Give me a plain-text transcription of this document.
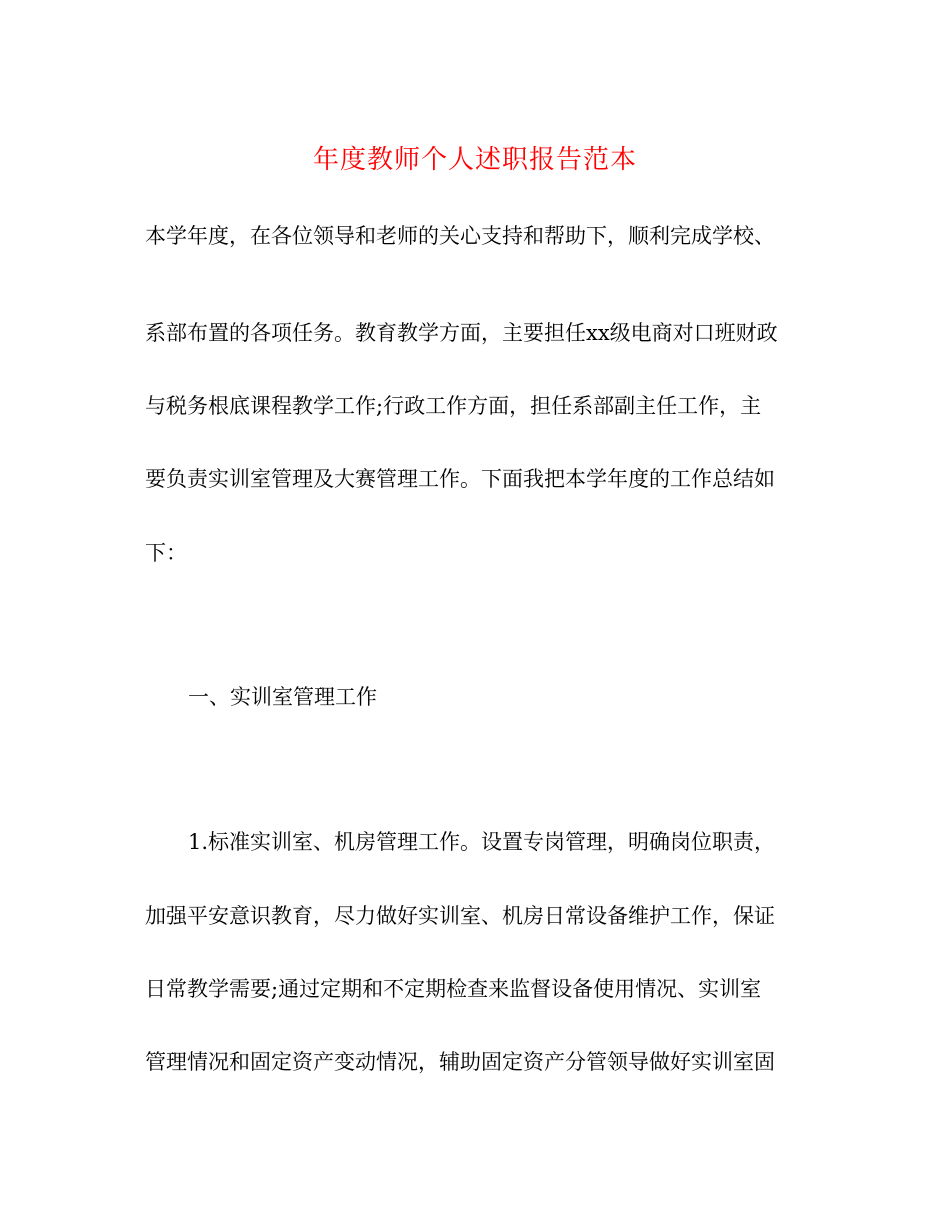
年度教师个人述职报告范本
本学年度，在各位领导和老师的关心支持和帮助下，顺利完成学校、
系部布置的各项任务。教育教学方面，主要担任xx级电商对口班财政
与税务根底课程教学工作;行政工作方面，担任系部副主任工作，主
要负责实训室管理及大赛管理工作。下面我把本学年度的工作总结如
下：
一、实训室管理工作
1.标准实训室、机房管理工作。设置专岗管理，明确岗位职责，
加强平安意识教育，尽力做好实训室、机房日常设备维护工作，保证
日常教学需要;通过定期和不定期检查来监督设备使用情况、实训室
管理情况和固定资产变动情况，辅助固定资产分管领导做好实训室固
